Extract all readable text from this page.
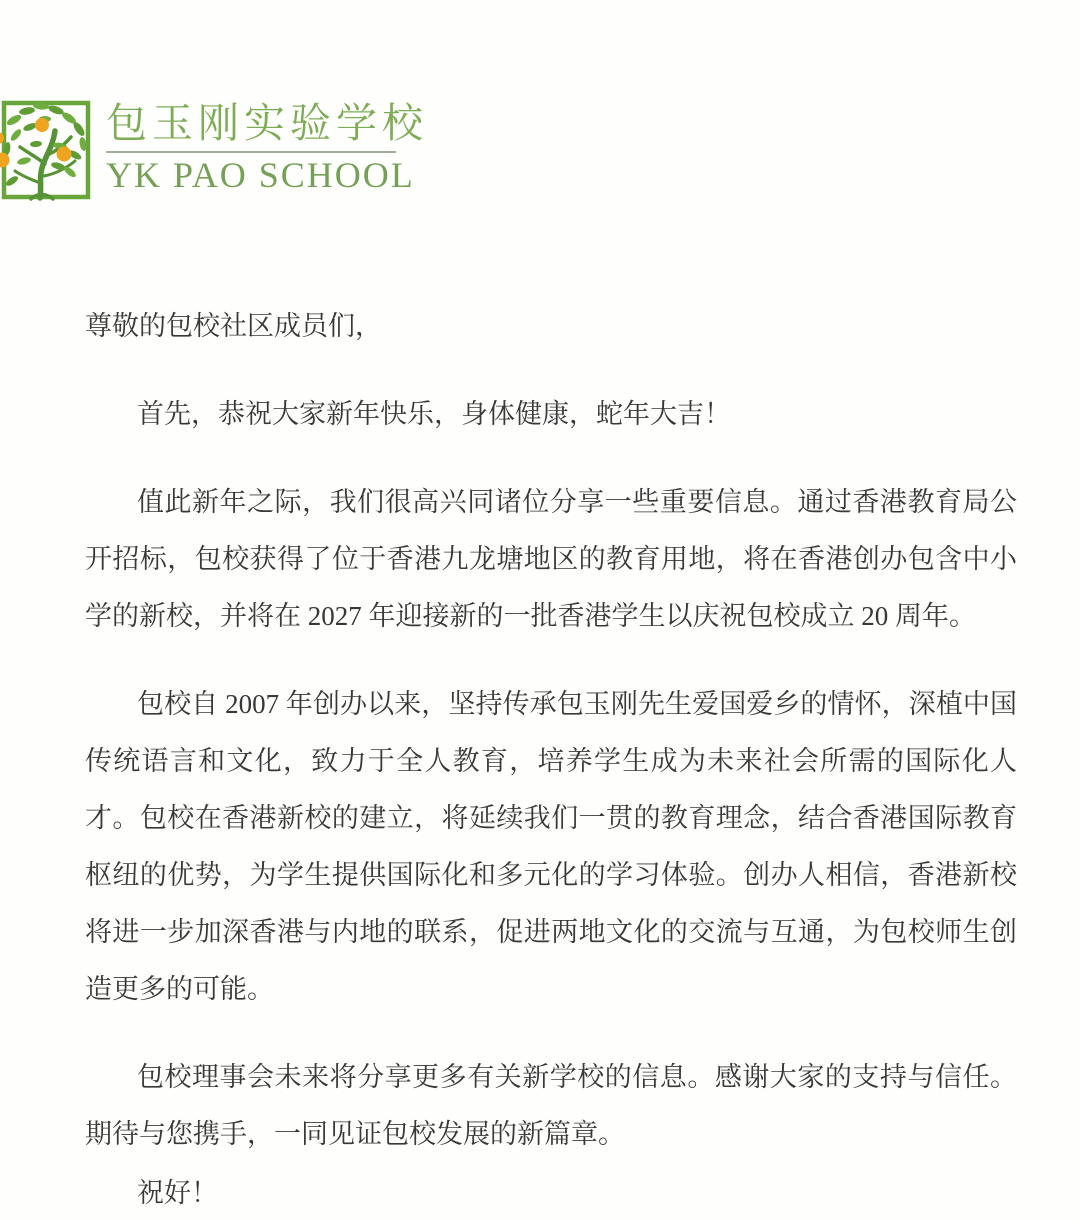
包玉刚实验学校
YK PAO SCHOOL

尊敬的包校社区成员们，

首先，恭祝大家新年快乐，身体健康，蛇年大吉！

值此新年之际，我们很高兴同诸位分享一些重要信息。通过香港教育局公开招标，包校获得了位于香港九龙塘地区的教育用地，将在香港创办包含中小学的新校，并将在 2027 年迎接新的一批香港学生以庆祝包校成立 20 周年。

包校自 2007 年创办以来，坚持传承包玉刚先生爱国爱乡的情怀，深植中国传统语言和文化，致力于全人教育，培养学生成为未来社会所需的国际化人才。包校在香港新校的建立，将延续我们一贯的教育理念，结合香港国际教育枢纽的优势，为学生提供国际化和多元化的学习体验。创办人相信，香港新校将进一步加深香港与内地的联系，促进两地文化的交流与互通，为包校师生创造更多的可能。

包校理事会未来将分享更多有关新学校的信息。感谢大家的支持与信任。期待与您携手，一同见证包校发展的新篇章。

祝好！
